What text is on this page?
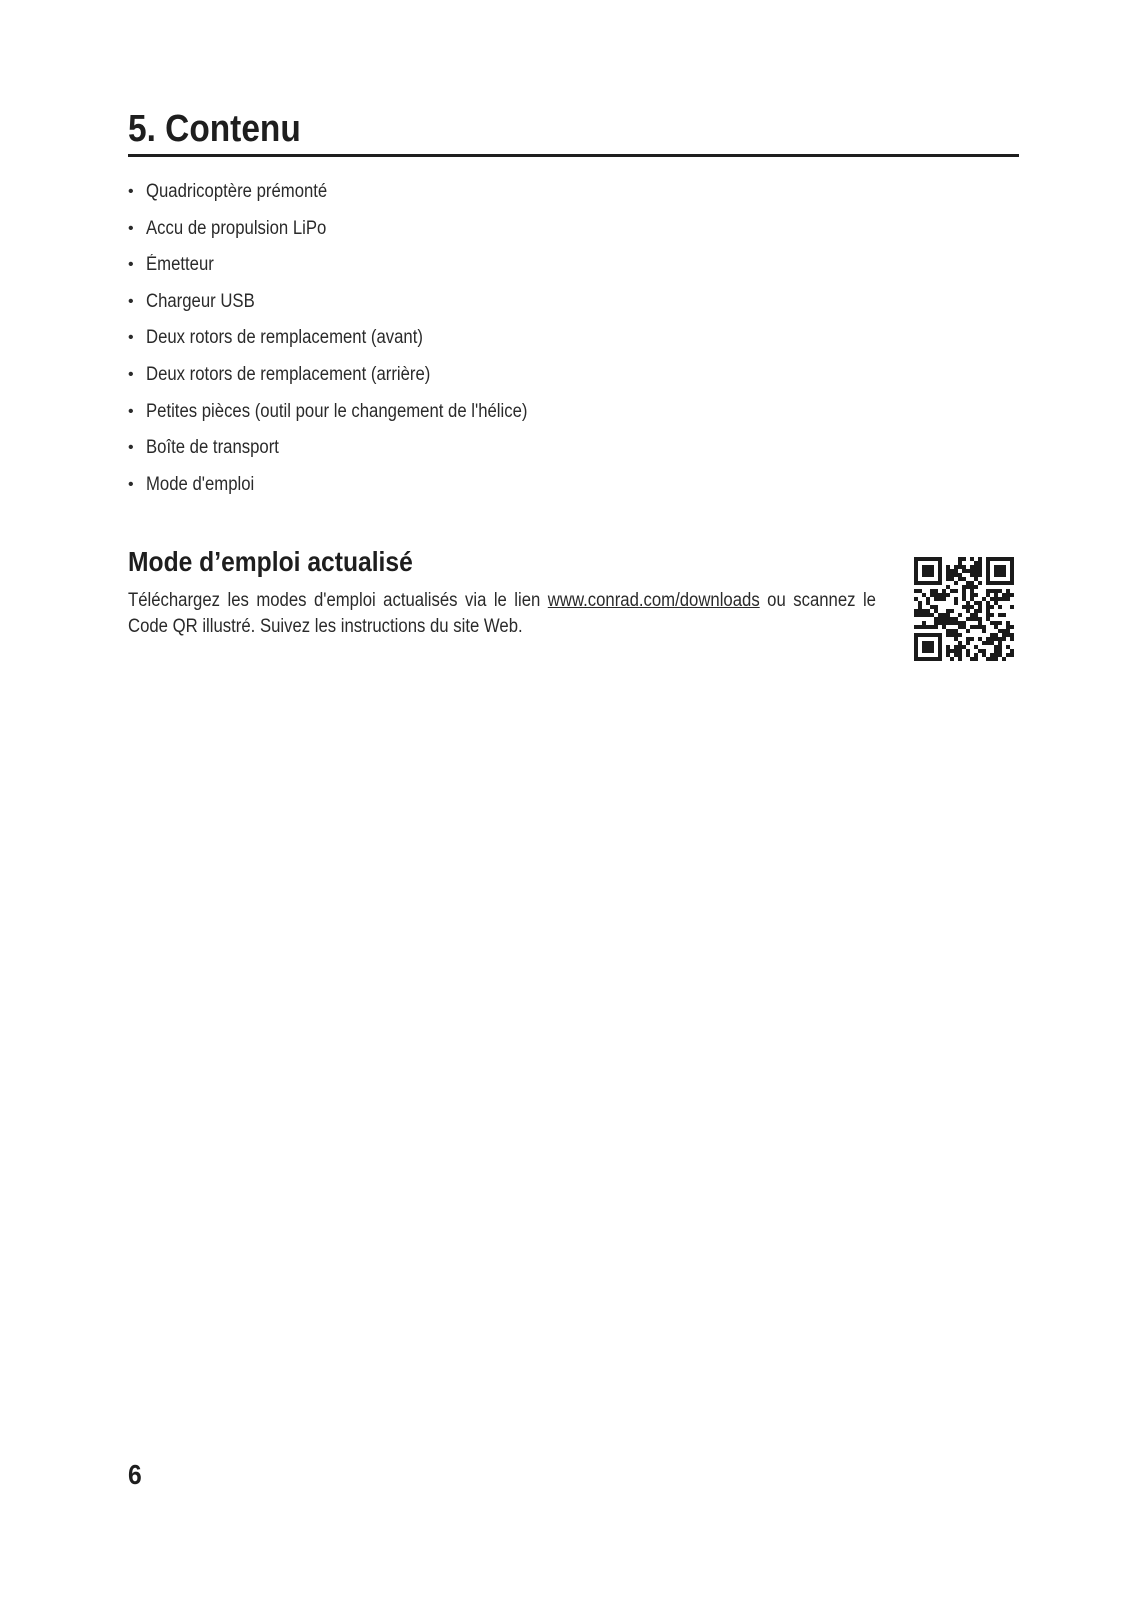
5. Contenu
• Quadricoptère prémonté
• Accu de propulsion LiPo
• Émetteur
• Chargeur USB
• Deux rotors de remplacement (avant)
• Deux rotors de remplacement (arrière)
• Petites pièces (outil pour le changement de l'hélice)
• Boîte de transport
• Mode d'emploi
Mode d’emploi actualisé

Téléchargez les modes d'emploi actualisés via le lien www.conrad.com/downloads ou scannez le Code QR illustré. Suivez les instructions du site Web.

6
